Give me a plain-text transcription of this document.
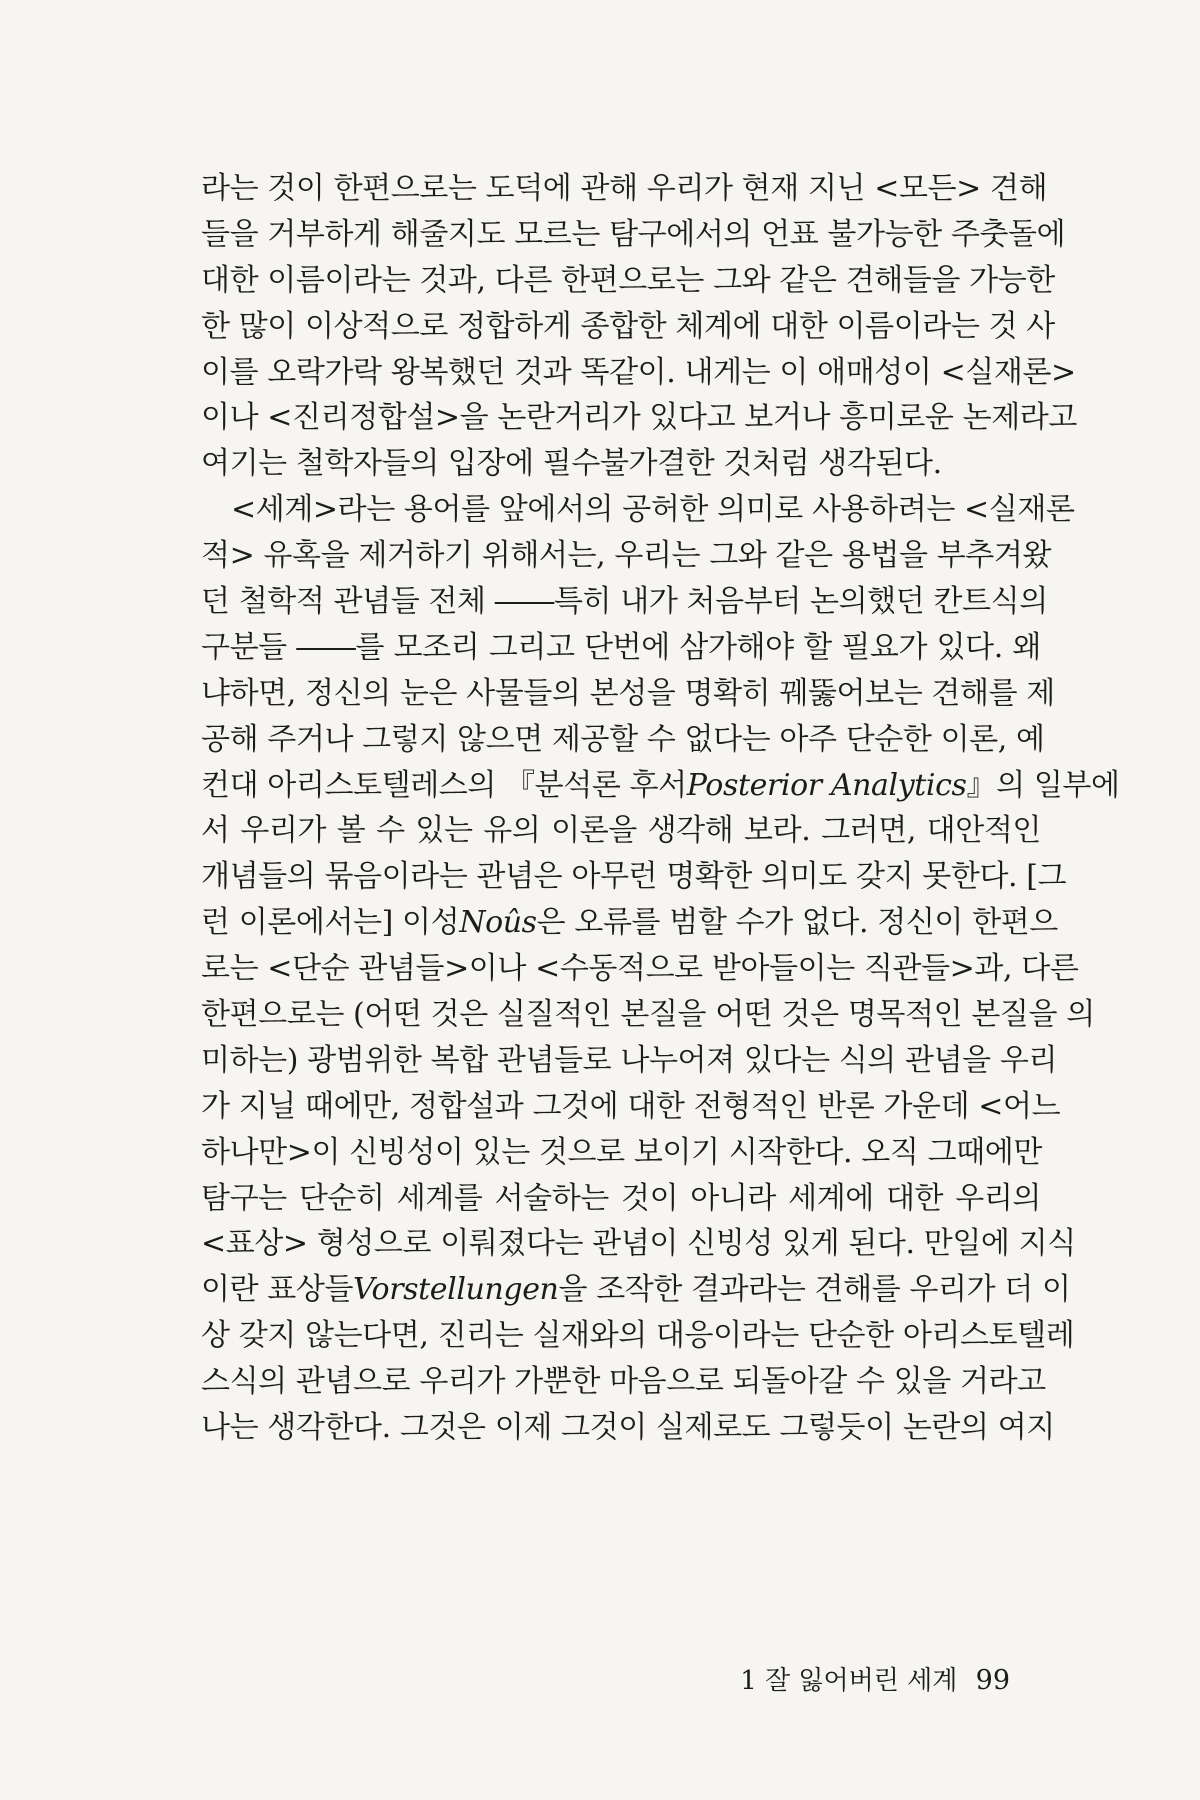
라는 것이 한편으로는 도덕에 관해 우리가 현재 지닌 <모든> 견해
들을 거부하게 해줄지도 모르는 탐구에서의 언표 불가능한 주춧돌에
대한 이름이라는 것과, 다른 한편으로는 그와 같은 견해들을 가능한
한 많이 이상적으로 정합하게 종합한 체계에 대한 이름이라는 것 사
이를 오락가락 왕복했던 것과 똑같이. 내게는 이 애매성이 <실재론>
이나 <진리정합설>을 논란거리가 있다고 보거나 흥미로운 논제라고
여기는 철학자들의 입장에 필수불가결한 것처럼 생각된다.
<세계>라는 용어를 앞에서의 공허한 의미로 사용하려는 <실재론
적> 유혹을 제거하기 위해서는, 우리는 그와 같은 용법을 부추겨왔
던 철학적 관념들 전체 ――특히 내가 처음부터 논의했던 칸트식의
구분들 ――를 모조리 그리고 단번에 삼가해야 할 필요가 있다. 왜
냐하면, 정신의 눈은 사물들의 본성을 명확히 꿰뚫어보는 견해를 제
공해 주거나 그렇지 않으면 제공할 수 없다는 아주 단순한 이론, 예
컨대 아리스토텔레스의 『분석론 후서Posterior Analytics』의 일부에
서 우리가 볼 수 있는 유의 이론을 생각해 보라. 그러면, 대안적인
개념들의 묶음이라는 관념은 아무런 명확한 의미도 갖지 못한다. [그
런 이론에서는] 이성Noûs은 오류를 범할 수가 없다. 정신이 한편으
로는 <단순 관념들>이나 <수동적으로 받아들이는 직관들>과, 다른
한편으로는 (어떤 것은 실질적인 본질을 어떤 것은 명목적인 본질을 의
미하는) 광범위한 복합 관념들로 나누어져 있다는 식의 관념을 우리
가 지닐 때에만, 정합설과 그것에 대한 전형적인 반론 가운데 <어느
하나만>이 신빙성이 있는 것으로 보이기 시작한다. 오직 그때에만
탐구는 단순히 세계를 서술하는 것이 아니라 세계에 대한 우리의
<표상> 형성으로 이뤄졌다는 관념이 신빙성 있게 된다. 만일에 지식
이란 표상들Vorstellungen을 조작한 결과라는 견해를 우리가 더 이
상 갖지 않는다면, 진리는 실재와의 대응이라는 단순한 아리스토텔레
스식의 관념으로 우리가 가뿐한 마음으로 되돌아갈 수 있을 거라고
나는 생각한다. 그것은 이제 그것이 실제로도 그렇듯이 논란의 여지
1 잘 잃어버린 세계 99
